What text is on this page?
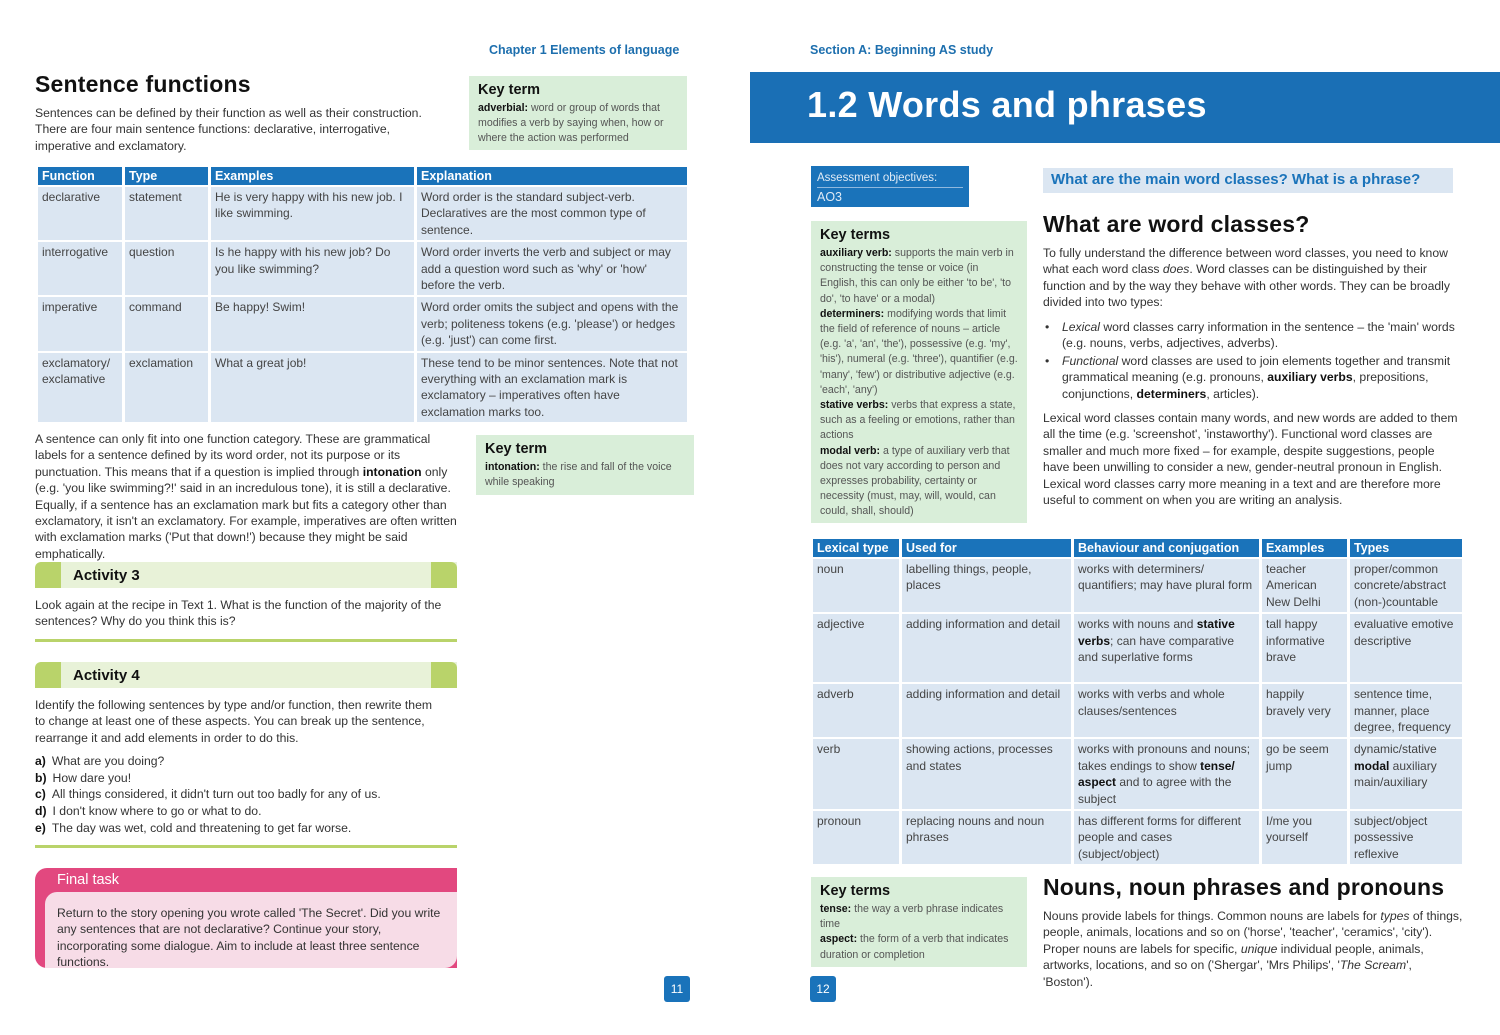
Chapter 1 Elements of language
Sentence functions

Sentences can be defined by their function as well as their construction. There are four main sentence functions: declarative, interrogative, imperative and exclamatory.

Key term
adverbial: word or group of words that modifies a verb by saying when, how or where the action was performed
Function	Type	Examples	Explanation
declarative	statement	He is very happy with his new job. I like swimming.	Word order is the standard subject-verb. Declaratives are the most common type of sentence.
interrogative	question	Is he happy with his new job? Do you like swimming?	Word order inverts the verb and subject or may add a question word such as 'why' or 'how' before the verb.
imperative	command	Be happy! Swim!	Word order omits the subject and opens with the verb; politeness tokens (e.g. 'please') or hedges (e.g. 'just') can come first.
exclamatory/ exclamative	exclamation	What a great job!	These tend to be minor sentences. Note that not everything with an exclamation mark is exclamatory – imperatives often have exclamation marks too.

A sentence can only fit into one function category. These are grammatical labels for a sentence defined by its word order, not its purpose or its punctuation. This means that if a question is implied through intonation only (e.g. 'you like swimming?!' said in an incredulous tone), it is still a declarative. Equally, if a sentence has an exclamation mark but fits a category other than exclamatory, it isn't an exclamatory. For example, imperatives are often written with exclamation marks ('Put that down!') because they might be said emphatically.

Key term
intonation: the rise and fall of the voice while speaking
Activity 3

Look again at the recipe in Text 1. What is the function of the majority of the sentences? Why do you think this is?

Activity 4

Identify the following sentences by type and/or function, then rewrite them to change at least one of these aspects. You can break up the sentence, rearrange it and add elements in order to do this.

a) What are you doing?
b) How dare you!
c) All things considered, it didn't turn out too badly for any of us.
d) I don't know where to go or what to do.
e) The day was wet, cold and threatening to get far worse.
Final task

Return to the story opening you wrote called 'The Secret'. Did you write any sentences that are not declarative? Continue your story, incorporating some dialogue. Aim to include at least three sentence functions.

11
Section A: Beginning AS study
1.2 Words and phrases
Assessment objectives:
AO3
What are the main word classes? What is a phrase?
Key terms
auxiliary verb: supports the main verb in constructing the tense or voice (in English, this can only be either 'to be', 'to do', 'to have' or a modal)
determiners: modifying words that limit the field of reference of nouns – article (e.g. 'a', 'an', 'the'), possessive (e.g. 'my', 'his'), numeral (e.g. 'three'), quantifier (e.g. 'many', 'few') or distributive adjective (e.g. 'each', 'any')
stative verbs: verbs that express a state, such as a feeling or emotions, rather than actions
modal verb: a type of auxiliary verb that does not vary according to person and expresses probability, certainty or necessity (must, may, will, would, can could, shall, should)
What are word classes?

To fully understand the difference between word classes, you need to know what each word class does. Word classes can be distinguished by their function and by the way they behave with other words. They can be broadly divided into two types:

• Lexical word classes carry information in the sentence – the 'main' words (e.g. nouns, verbs, adjectives, adverbs).
• Functional word classes are used to join elements together and transmit grammatical meaning (e.g. pronouns, auxiliary verbs, prepositions, conjunctions, determiners, articles).

Lexical word classes contain many words, and new words are added to them all the time (e.g. 'screenshot', 'instaworthy'). Functional word classes are smaller and much more fixed – for example, despite suggestions, people have been unwilling to consider a new, gender-neutral pronoun in English. Lexical word classes carry more meaning in a text and are therefore more useful to comment on when you are writing an analysis.

Lexical type	Used for	Behaviour and conjugation	Examples	Types
noun	labelling things, people, places	works with determiners/ quantifiers; may have plural form	teacher American New Delhi	proper/common concrete/abstract (non-)countable
adjective	adding information and detail	works with nouns and stative verbs; can have comparative and superlative forms	tall happy informative brave	evaluative emotive descriptive
adverb	adding information and detail	works with verbs and whole clauses/sentences	happily bravely very	sentence time, manner, place degree, frequency
verb	showing actions, processes and states	works with pronouns and nouns; takes endings to show tense/ aspect and to agree with the subject	go be seem jump	dynamic/stative modal auxiliary main/auxiliary
pronoun	replacing nouns and noun phrases	has different forms for different people and cases (subject/object)	I/me you yourself	subject/object possessive reflexive
Key terms
tense: the way a verb phrase indicates time
aspect: the form of a verb that indicates duration or completion
Nouns, noun phrases and pronouns

Nouns provide labels for things. Common nouns are labels for types of things, people, animals, locations and so on ('horse', 'teacher', 'ceramics', 'city'). Proper nouns are labels for specific, unique individual people, animals, artworks, locations, and so on ('Shergar', 'Mrs Philips', 'The Scream', 'Boston').

12
